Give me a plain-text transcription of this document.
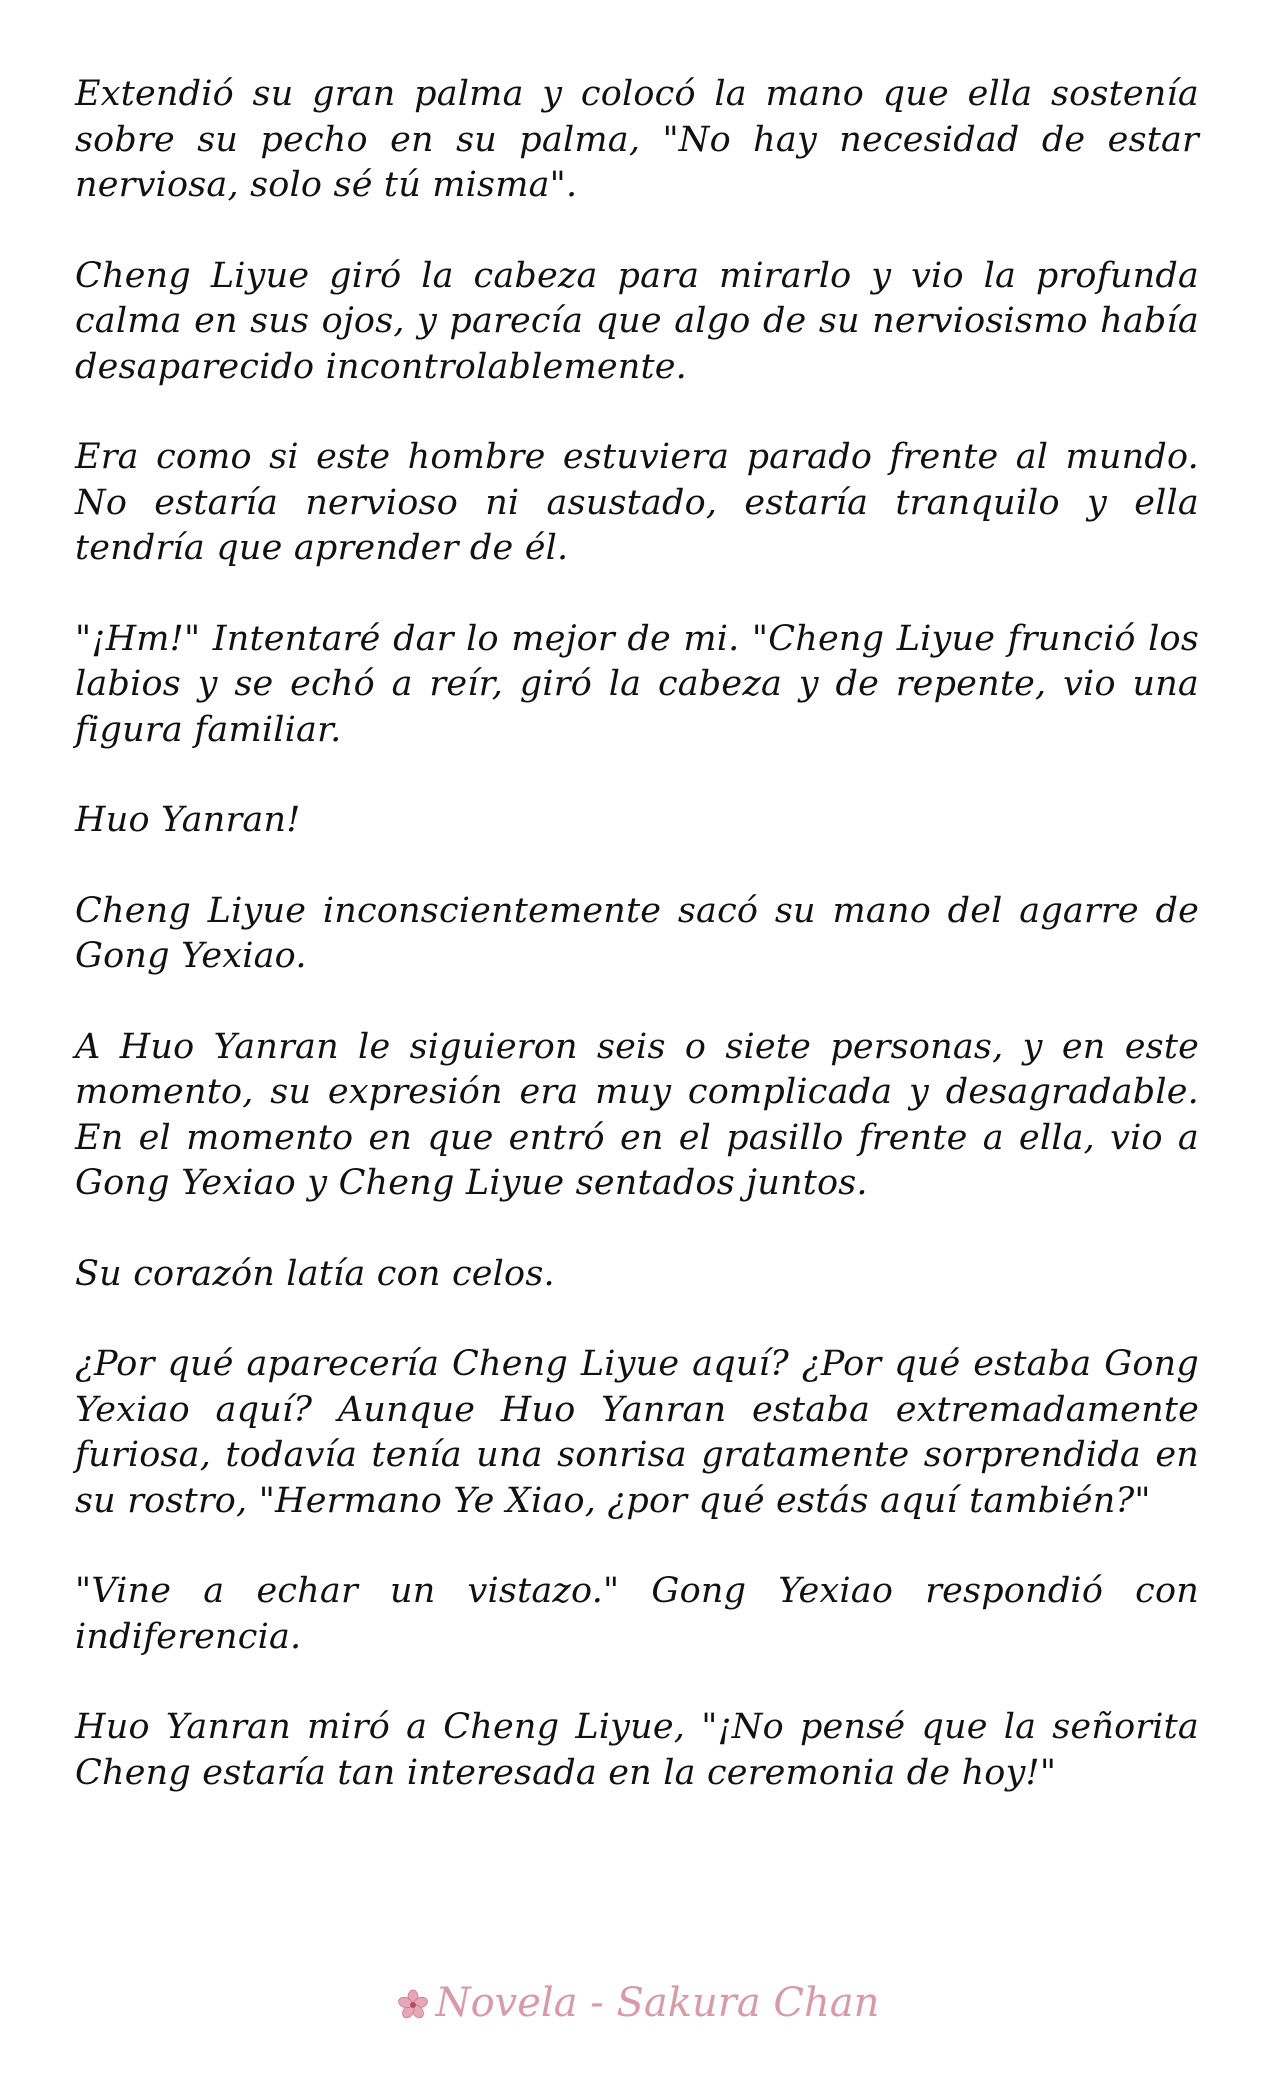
Extendió su gran palma y colocó la mano que ella sostenía sobre su pecho en su palma, "No hay necesidad de estar nerviosa, solo sé tú misma".

Cheng Liyue giró la cabeza para mirarlo y vio la profunda calma en sus ojos, y parecía que algo de su nerviosismo había desaparecido incontrolablemente.

Era como si este hombre estuviera parado frente al mundo. No estaría nervioso ni asustado, estaría tranquilo y ella tendría que aprender de él.

"¡Hm!" Intentaré dar lo mejor de mi. "Cheng Liyue frunció los labios y se echó a reír, giró la cabeza y de repente, vio una figura familiar.

Huo Yanran!

Cheng Liyue inconscientemente sacó su mano del agarre de Gong Yexiao.

A Huo Yanran le siguieron seis o siete personas, y en este momento, su expresión era muy complicada y desagradable. En el momento en que entró en el pasillo frente a ella, vio a Gong Yexiao y Cheng Liyue sentados juntos.

Su corazón latía con celos.

¿Por qué aparecería Cheng Liyue aquí? ¿Por qué estaba Gong Yexiao aquí? Aunque Huo Yanran estaba extremadamente furiosa, todavía tenía una sonrisa gratamente sorprendida en su rostro, "Hermano Ye Xiao, ¿por qué estás aquí también?"

"Vine a echar un vistazo." Gong Yexiao respondió con indiferencia.

Huo Yanran miró a Cheng Liyue, "¡No pensé que la señorita Cheng estaría tan interesada en la ceremonia de hoy!"

Novela - Sakura Chan
